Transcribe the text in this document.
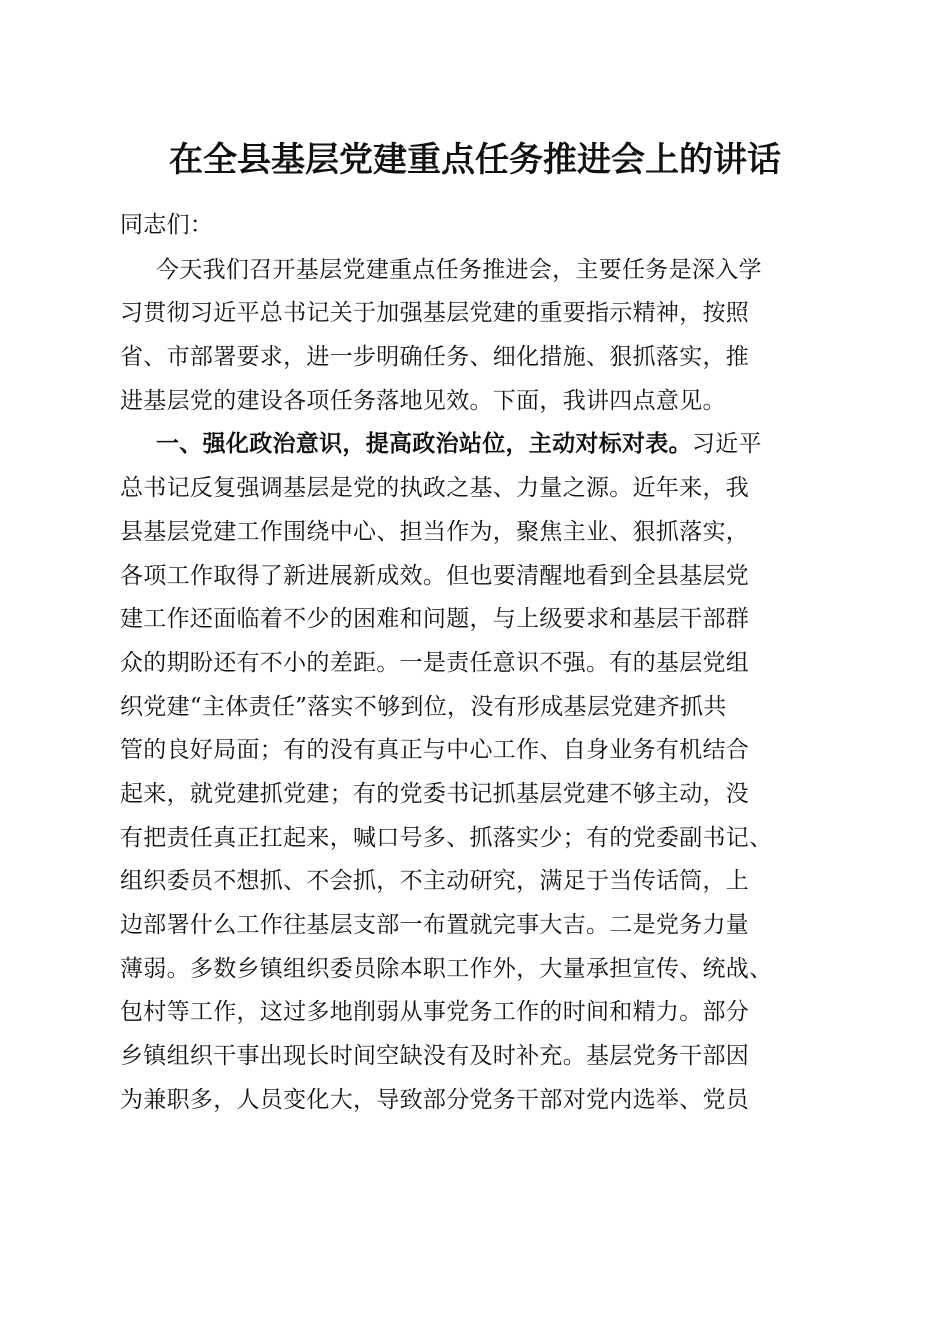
在全县基层党建重点任务推进会上的讲话
同志们：
今天我们召开基层党建重点任务推进会，主要任务是深入学
习贯彻习近平总书记关于加强基层党建的重要指示精神，按照
省、市部署要求，进一步明确任务、细化措施、狠抓落实，推
进基层党的建设各项任务落地见效。下面，我讲四点意见。
一、强化政治意识，提高政治站位，主动对标对表。习近平
总书记反复强调基层是党的执政之基、力量之源。近年来，我
县基层党建工作围绕中心、担当作为，聚焦主业、狠抓落实，
各项工作取得了新进展新成效。但也要清醒地看到全县基层党
建工作还面临着不少的困难和问题，与上级要求和基层干部群
众的期盼还有不小的差距。一是责任意识不强。有的基层党组
织党建“主体责任”落实不够到位，没有形成基层党建齐抓共
管的良好局面；有的没有真正与中心工作、自身业务有机结合
起来，就党建抓党建；有的党委书记抓基层党建不够主动，没
有把责任真正扛起来，喊口号多、抓落实少；有的党委副书记、
组织委员不想抓、不会抓，不主动研究，满足于当传话筒，上
边部署什么工作往基层支部一布置就完事大吉。二是党务力量
薄弱。多数乡镇组织委员除本职工作外，大量承担宣传、统战、
包村等工作，这过多地削弱从事党务工作的时间和精力。部分
乡镇组织干事出现长时间空缺没有及时补充。基层党务干部因
为兼职多，人员变化大，导致部分党务干部对党内选举、党员
